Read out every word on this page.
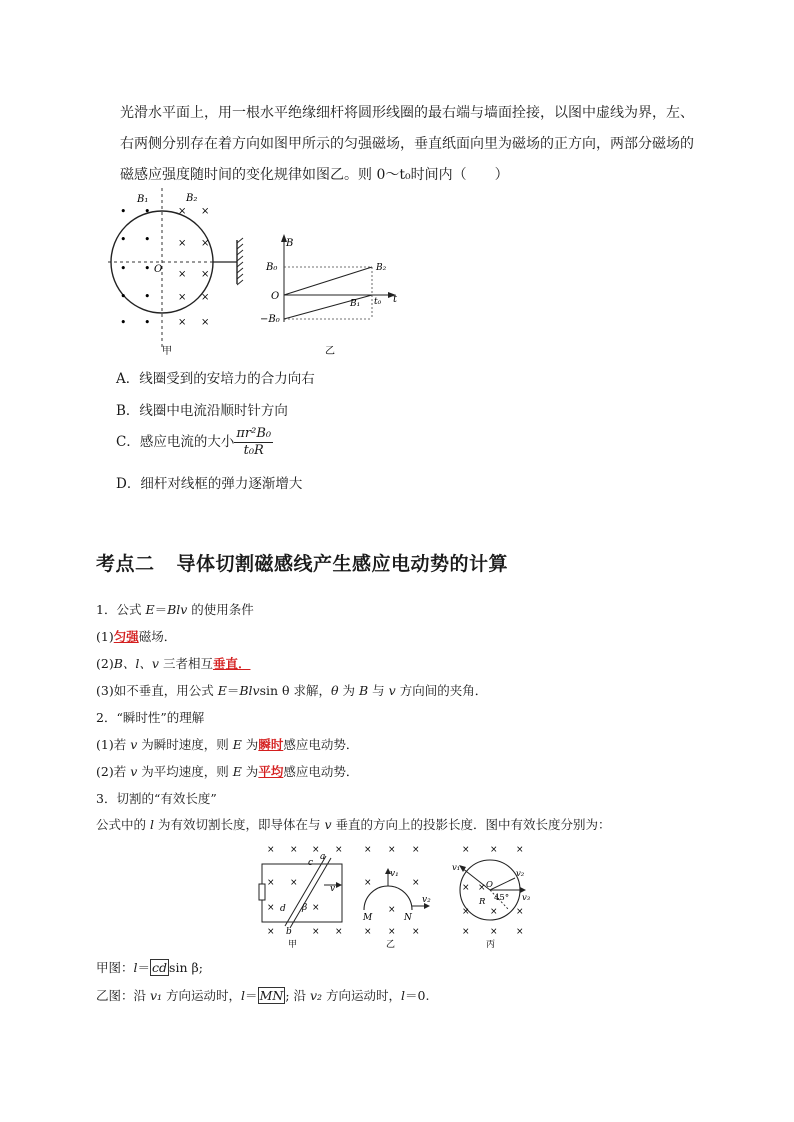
光滑水平面上，用一根水平绝缘细杆将圆形线圈的最右端与墙面拴接，以图中虚线为界，左、
右两侧分别存在着方向如图甲所示的匀强磁场，垂直纸面向里为磁场的正方向，两部分磁场的
磁感应强度随时间的变化规律如图乙。则 0～t₀时间内（　　）
B₁	B₂
O
甲
• •
• •
• •
• •
• •
× ×
× ×
× ×
× ×
× ×
B
t
B₀
O
−B₀
t₀
B₂
B₁
乙
A．线圈受到的安培力的合力向右
B．线圈中电流沿顺时针方向
C．感应电流的大小 $\frac{\text{πr²B₀}}{\text{t₀R}}$
D．细杆对线框的弹力逐渐增大
考点二 导体切割磁感线产生感应电动势的计算
1．公式 E＝Blv 的使用条件
(1)匀强磁场．
(2)B、l、v 三者相互垂直．
(3)如不垂直，用公式 E＝Blvsin θ 求解，θ 为 B 与 v 方向间的夹角．
2．“瞬时性”的理解
(1)若 v 为瞬时速度，则 E 为瞬时感应电动势．
(2)若 v 为平均速度，则 E 为平均感应电动势．
3．切割的“有效长度”
公式中的 l 为有效切割长度，即导体在与 v 垂直的方向上的投影长度．图中有效长度分别为：
× × × ×
× ×
×	×
×	× ×
c
a
v
d
b
β
甲
× × ×
×	×
×
× × ×
v₁
v₂
M	N
乙
× × ×
× ×
× × ×
× × ×
v₁
v₂
v₃
O
R 45°
丙
甲图：l＝ cd sin β;
乙图：沿 v₁ 方向运动时，l＝ MN ; 沿 v₂ 方向运动时，l＝0.
